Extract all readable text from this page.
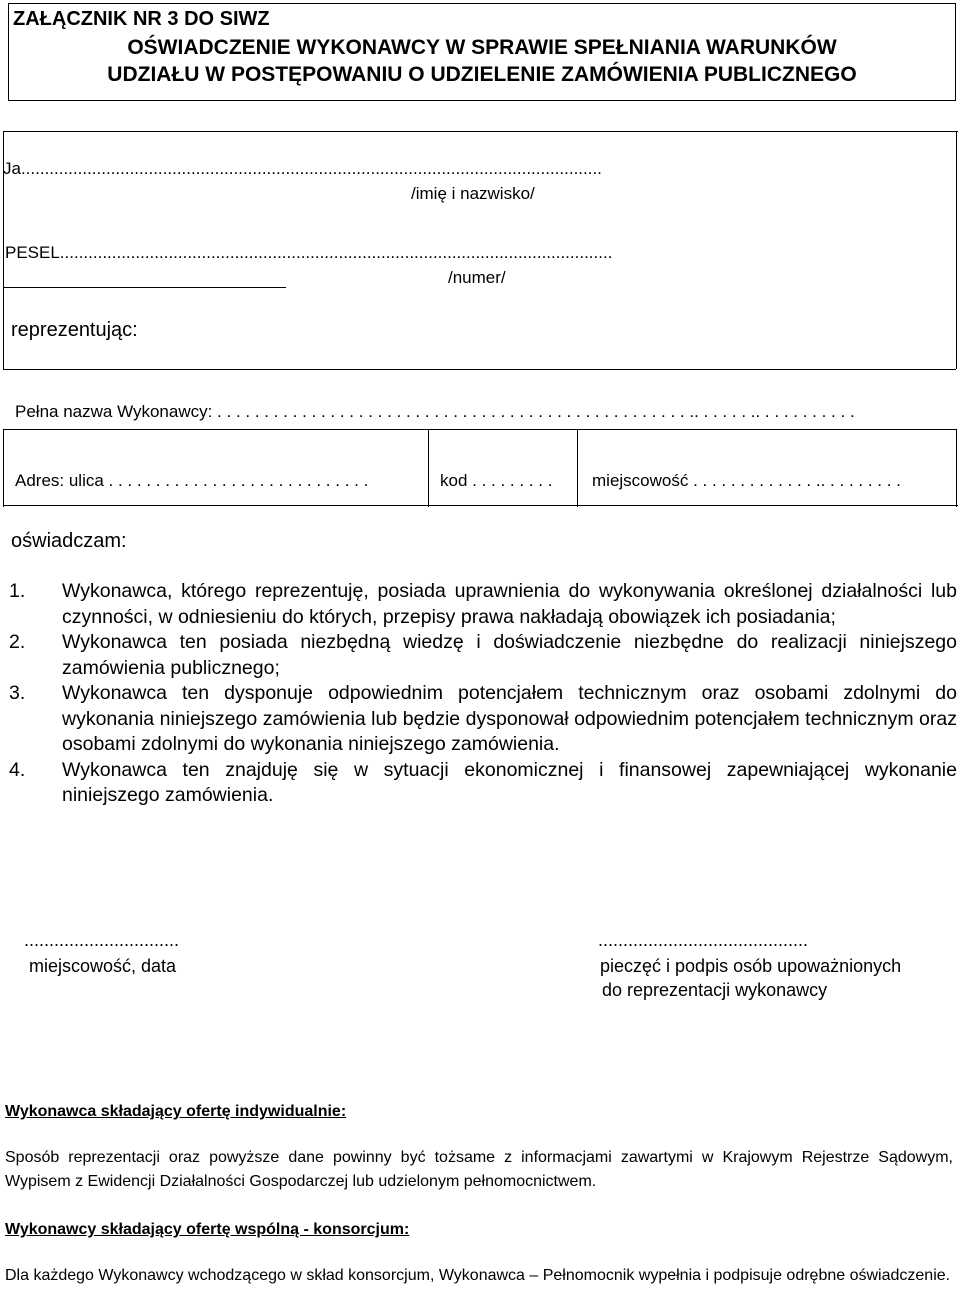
ZAŁĄCZNIK NR 3 DO SIWZ
OŚWIADCZENIE WYKONAWCY W SPRAWIE SPEŁNIANIA WARUNKÓW
UDZIAŁU W POSTĘPOWANIU O UDZIELENIE ZAMÓWIENIA PUBLICZNEGO
Ja...........................................................................................................................
/imię i nazwisko/
PESEL.....................................................................................................................
/numer/
reprezentując:
Pełna nazwa Wykonawcy: . . . . . . . . . . . . . . . . . . . . . . . . . . . . . . . . . . . . . . . . . . . . . . . . . . .. . . . . . .. . . . . . . . . . .
Adres: ulica . . . . . . . . . . . . . . . . . . . . . . . . . . . .	kod . . . . . . . . . miejscowość . . . . . . . . . . . . . .. . . . . . . . .
oświadczam:
1. Wykonawca, którego reprezentuję, posiada uprawnienia do wykonywania określonej działalności lub czynności, w odniesieniu do których, przepisy prawa nakładają obowiązek ich posiadania;
2. Wykonawca ten posiada niezbędną wiedzę i doświadczenie niezbędne do realizacji niniejszego zamówienia publicznego;
3. Wykonawca ten dysponuje odpowiednim potencjałem technicznym oraz osobami zdolnymi do wykonania niniejszego zamówienia lub będzie dysponował odpowiednim potencjałem technicznym oraz osobami zdolnymi do wykonania niniejszego zamówienia.
4. Wykonawca ten znajduję się w sytuacji ekonomicznej i finansowej zapewniającej wykonanie niniejszego zamówienia.
...............................
miejscowość, data
..........................................
pieczęć i podpis osób upoważnionych
do reprezentacji wykonawcy
Wykonawca składający ofertę indywidualnie:
Sposób reprezentacji oraz powyższe dane powinny być tożsame z informacjami zawartymi w Krajowym Rejestrze Sądowym, Wypisem z Ewidencji Działalności Gospodarczej lub udzielonym pełnomocnictwem.
Wykonawcy składający ofertę wspólną - konsorcjum:
Dla każdego Wykonawcy wchodzącego w skład konsorcjum, Wykonawca – Pełnomocnik wypełnia i podpisuje odrębne oświadczenie.
